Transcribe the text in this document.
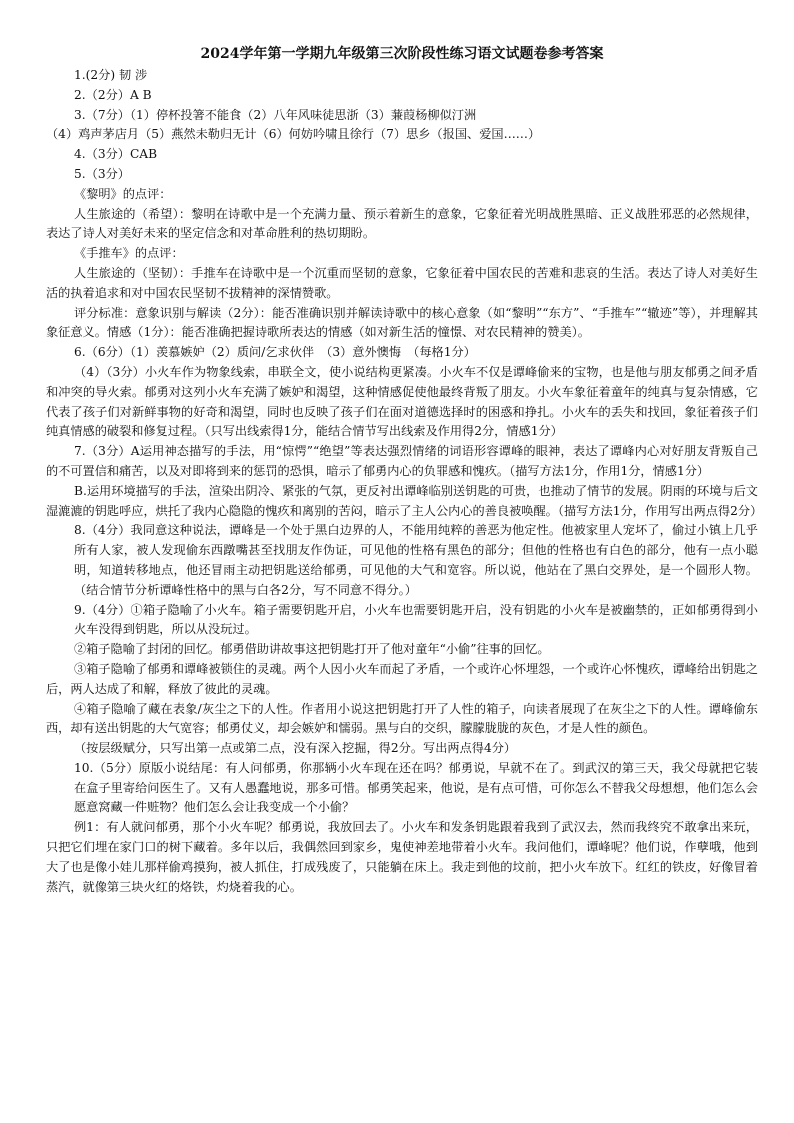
2024学年第一学期九年级第三次阶段性练习语文试题卷参考答案

1.(2分) 韧 涉

2.（2分）A B

3.（7分）（1）停杯投箸不能食（2）八年风味徒思浙（3）蒹葭杨柳似汀洲

（4）鸡声茅店月（5）燕然未勒归无计（6）何妨吟啸且徐行（7）思乡（报国、爱国……）

4.（3分）CAB

5.（3分）

《黎明》的点评：

人生旅途的（希望）：黎明在诗歌中是一个充满力量、预示着新生的意象，它象征着光明战胜黑暗、正义战胜邪恶的必然规律，表达了诗人对美好未来的坚定信念和对革命胜利的热切期盼。

《手推车》的点评：

人生旅途的（坚韧）：手推车在诗歌中是一个沉重而坚韧的意象，它象征着中国农民的苦难和悲哀的生活。表达了诗人对美好生活的执着追求和对中国农民坚韧不拔精神的深情赞歌。

评分标准：意象识别与解读（2分）：能否准确识别并解读诗歌中的核心意象（如“黎明”“东方”、“手推车”“辙迹”等），并理解其象征意义。情感（1分）：能否准确把握诗歌所表达的情感（如对新生活的憧憬、对农民精神的赞美）。

6.（6分）（1）羡慕嫉妒（2）质问/乞求伙伴　（3）意外懊悔　（每格1分）

（4）（3分）小火车作为物象线索，串联全文，使小说结构更紧凑。小火车不仅是谭峰偷来的宝物，也是他与朋友郁勇之间矛盾和冲突的导火索。郁勇对这列小火车充满了嫉妒和渴望，这种情感促使他最终背叛了朋友。小火车象征着童年的纯真与复杂情感，它代表了孩子们对新鲜事物的好奇和渴望，同时也反映了孩子们在面对道德选择时的困惑和挣扎。小火车的丢失和找回，象征着孩子们纯真情感的破裂和修复过程。（只写出线索得1分，能结合情节写出线索及作用得2分，情感1分）

7.（3分）A运用神态描写的手法，用“惊愕”“绝望”等表达强烈情绪的词语形容谭峰的眼神，表达了谭峰内心对好朋友背叛自己的不可置信和痛苦，以及对即将到来的惩罚的恐惧，暗示了郁勇内心的负罪感和愧疚。（描写方法1分，作用1分，情感1分）

B.运用环境描写的手法，渲染出阴冷、紧张的气氛，更反衬出谭峰临别送钥匙的可贵，也推动了情节的发展。阴雨的环境与后文湿漉漉的钥匙呼应，烘托了我内心隐隐的愧疚和离别的苦闷，暗示了主人公内心的善良被唤醒。（描写方法1分，作用写出两点得2分）

8.（4分）我同意这种说法，谭峰是一个处于黑白边界的人，不能用纯粹的善恶为他定性。他被家里人宠坏了，偷过小镇上几乎所有人家，被人发现偷东西蹾嘴甚至找朋友作伪证，可见他的性格有黑色的部分；但他的性格也有白色的部分，他有一点小聪明，知道转移地点，他还冒雨主动把钥匙送给郁勇，可见他的大气和宽容。所以说，他站在了黑白交界处，是一个圆形人物。（结合情节分析谭峰性格中的黑与白各2分，写不同意不得分。）

9.（4分）①箱子隐喻了小火车。箱子需要钥匙开启，小火车也需要钥匙开启，没有钥匙的小火车是被幽禁的，正如郁勇得到小火车没得到钥匙，所以从没玩过。

②箱子隐喻了封闭的回忆。郁勇借助讲故事这把钥匙打开了他对童年“小偷”往事的回忆。

③箱子隐喻了郁勇和谭峰被锁住的灵魂。两个人因小火车而起了矛盾，一个或许心怀埋怨，一个或许心怀愧疚，谭峰给出钥匙之后，两人达成了和解，释放了彼此的灵魂。

④箱子隐喻了藏在表象/灰尘之下的人性。作者用小说这把钥匙打开了人性的箱子，向读者展现了在灰尘之下的人性。谭峰偷东西，却有送出钥匙的大气宽容；郁勇仗义，却会嫉妒和懦弱。黑与白的交织，朦朦胧胧的灰色，才是人性的颜色。

（按层级赋分，只写出第一点或第二点，没有深入挖掘，得2分。写出两点得4分）

10.（5分）原版小说结尾：有人问郁勇，你那辆小火车现在还在吗？郁勇说，早就不在了。到武汉的第三天，我父母就把它装在盒子里寄给问医生了。又有人愚蠢地说，那多可惜。郁勇笑起来，他说，是有点可惜，可你怎么不替我父母想想，他们怎么会愿意窝藏一件赃物？他们怎么会让我变成一个小偷？

例1：有人就问郁勇，那个小火车呢？郁勇说，我放回去了。小火车和发条钥匙跟着我到了武汉去，然而我终究不敢拿出来玩，只把它们埋在家门口的树下藏着。多年以后，我偶然回到家乡，鬼使神差地带着小火车。我问他们，谭峰呢？他们说，作孽哦，他到大了也是像小娃儿那样偷鸡摸狗，被人抓住，打成残废了，只能躺在床上。我走到他的坟前，把小火车放下。红红的铁皮，好像冒着蒸汽，就像第三块火红的烙铁，灼烧着我的心。
